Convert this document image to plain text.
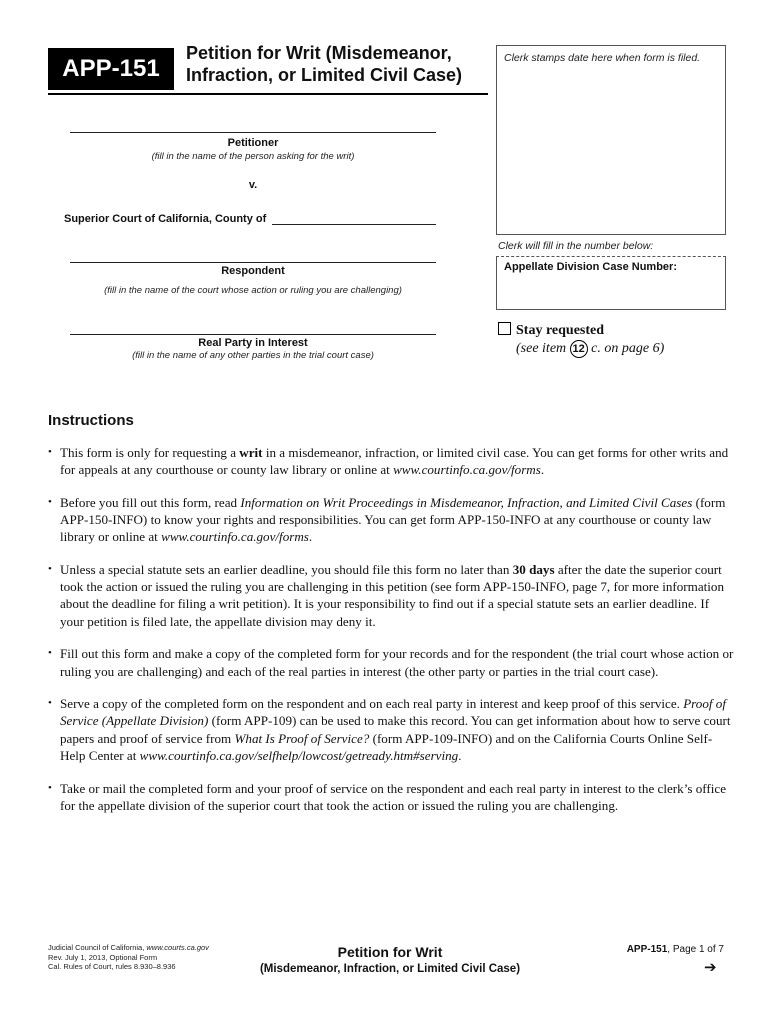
APP-151
Petition for Writ (Misdemeanor,
Infraction, or Limited Civil Case)
Clerk stamps date here when form is filed.
Clerk will fill in the number below:
Appellate Division Case Number:
Petitioner
(fill in the name of the person asking for the writ)
v.
Superior Court of California, County of
Respondent
(fill in the name of the court whose action or ruling you are challenging)
Real Party in Interest
(fill in the name of any other parties in the trial court case)
Stay requested
(see item 12 c. on page 6)
Instructions
• This form is only for requesting a writ in a misdemeanor, infraction, or limited civil case. You can get forms for other writs and for appeals at any courthouse or county law library or online at www.courtinfo.ca.gov/forms.
• Before you fill out this form, read Information on Writ Proceedings in Misdemeanor, Infraction, and Limited Civil Cases (form APP-150-INFO) to know your rights and responsibilities. You can get form APP-150-INFO at any courthouse or county law library or online at www.courtinfo.ca.gov/forms.
• Unless a special statute sets an earlier deadline, you should file this form no later than 30 days after the date the superior court took the action or issued the ruling you are challenging in this petition (see form APP-150-INFO, page 7, for more information about the deadline for filing a writ petition). It is your responsibility to find out if a special statute sets an earlier deadline. If your petition is filed late, the appellate division may deny it.
• Fill out this form and make a copy of the completed form for your records and for the respondent (the trial court whose action or ruling you are challenging) and each of the real parties in interest (the other party or parties in the trial court case).
• Serve a copy of the completed form on the respondent and on each real party in interest and keep proof of this service. Proof of Service (Appellate Division) (form APP-109) can be used to make this record. You can get information about how to serve court papers and proof of service from What Is Proof of Service? (form APP-109-INFO) and on the California Courts Online Self-Help Center at www.courtinfo.ca.gov/selfhelp/lowcost/getready.htm#serving.
• Take or mail the completed form and your proof of service on the respondent and each real party in interest to the clerk’s office for the appellate division of the superior court that took the action or issued the ruling you are challenging.
Judicial Council of California, www.courts.ca.gov
Rev. July 1, 2013, Optional Form
Cal. Rules of Court, rules 8.930–8.936
Petition for Writ
(Misdemeanor, Infraction, or Limited Civil Case)
APP-151, Page 1 of 7
➔
